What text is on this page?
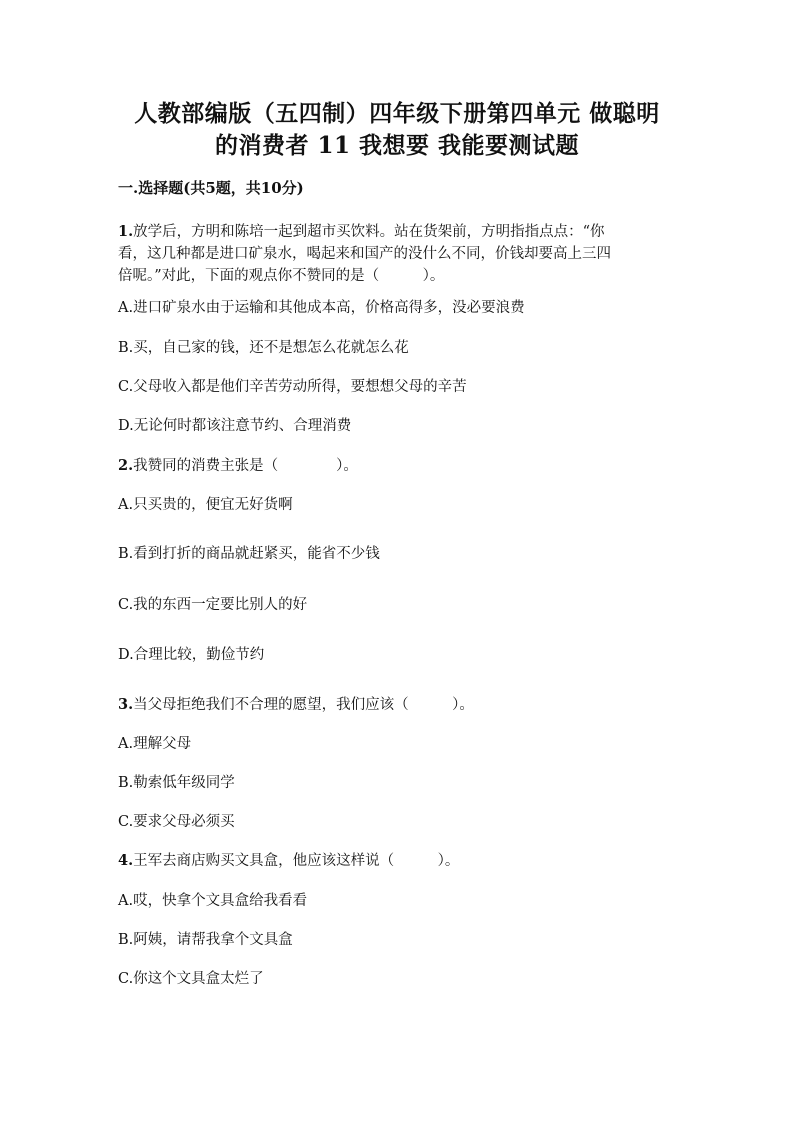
人教部编版（五四制）四年级下册第四单元 做聪明
的消费者 11 我想要 我能要测试题
一.选择题(共5题，共10分)
1.放学后，方明和陈培一起到超市买饮料。站在货架前，方明指指点点：“你
看，这几种都是进口矿泉水，喝起来和国产的没什么不同，价钱却要高上三四
倍呢。”对此，下面的观点你不赞同的是（　　　）。
A.进口矿泉水由于运输和其他成本高，价格高得多，没必要浪费
B.买，自己家的钱，还不是想怎么花就怎么花
C.父母收入都是他们辛苦劳动所得，要想想父母的辛苦
D.无论何时都该注意节约、合理消费
2.我赞同的消费主张是（　　　　）。
A.只买贵的，便宜无好货啊
B.看到打折的商品就赶紧买，能省不少钱
C.我的东西一定要比别人的好
D.合理比较，勤俭节约
3.当父母拒绝我们不合理的愿望，我们应该（　　　）。
A.理解父母
B.勒索低年级同学
C.要求父母必须买
4.王军去商店购买文具盒，他应该这样说（　　　）。
A.哎，快拿个文具盒给我看看
B.阿姨，请帮我拿个文具盒
C.你这个文具盒太烂了
